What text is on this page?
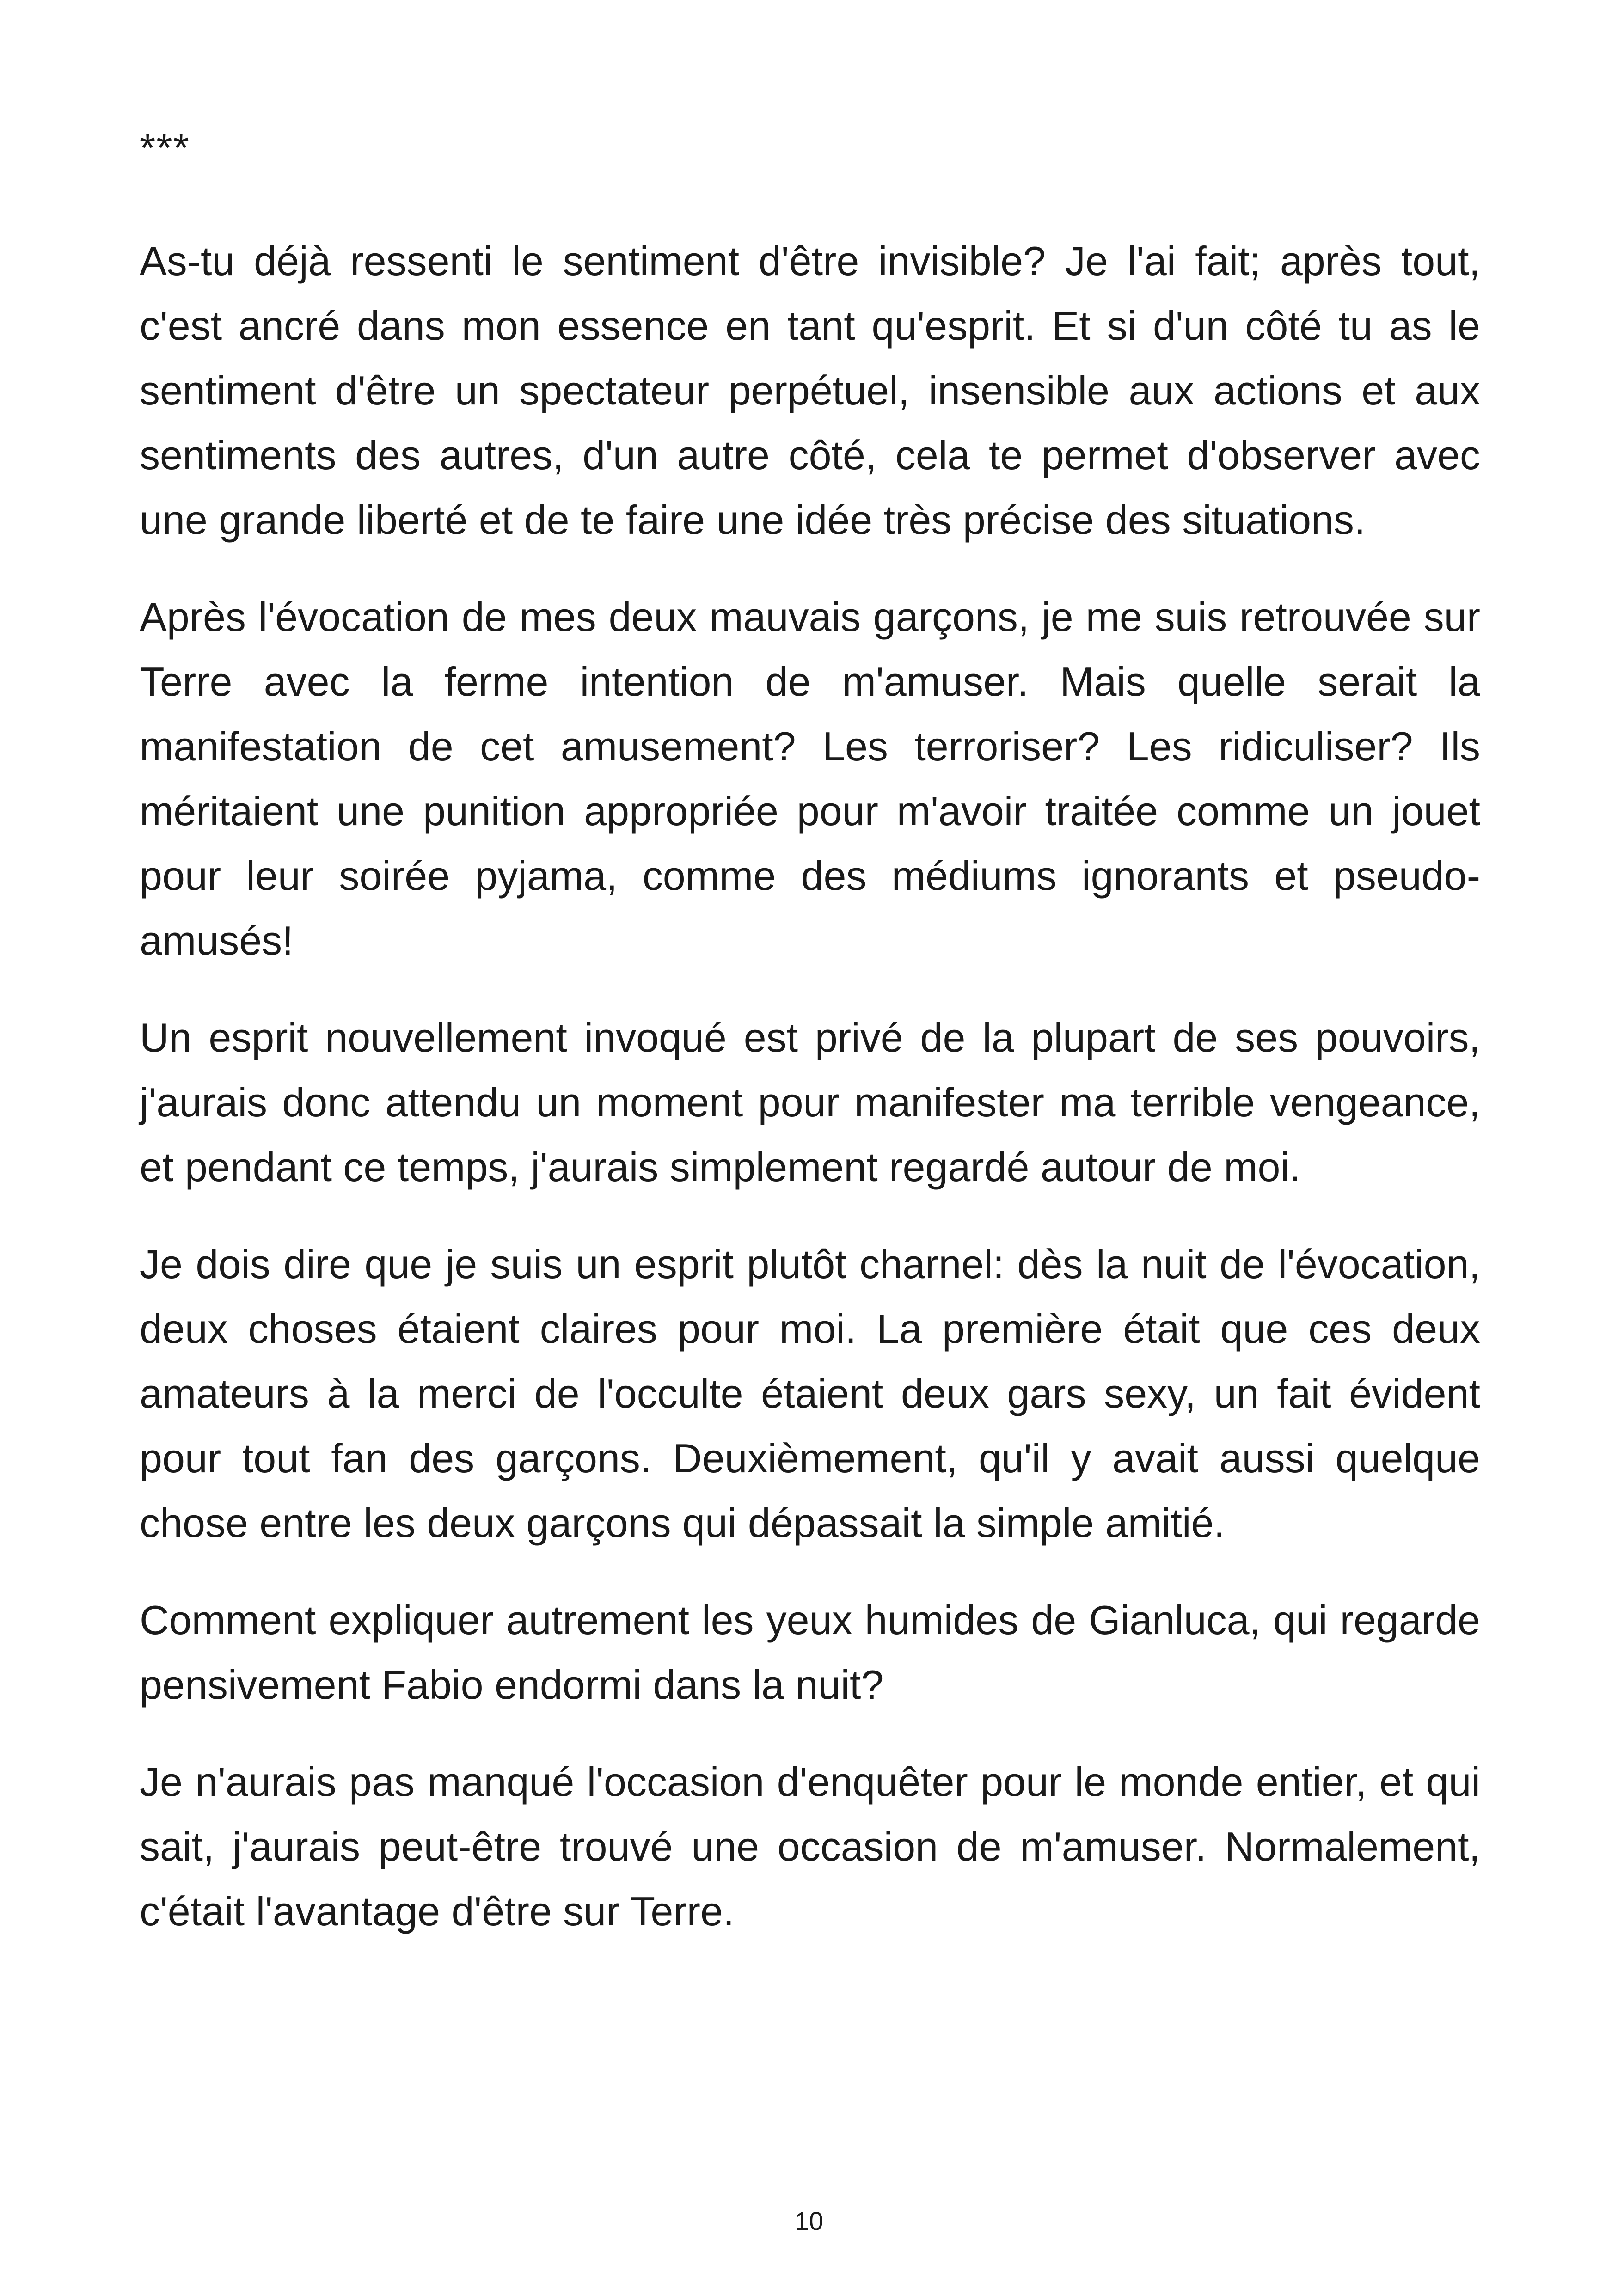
***

As-tu déjà ressenti le sentiment d'être invisible? Je l'ai fait; après tout, c'est ancré dans mon essence en tant qu'esprit. Et si d'un côté tu as le sentiment d'être un spectateur perpétuel, insensible aux actions et aux sentiments des autres, d'un autre côté, cela te permet d'observer avec une grande liberté et de te faire une idée très précise des situations.

Après l'évocation de mes deux mauvais garçons, je me suis retrouvée sur Terre avec la ferme intention de m'amuser. Mais quelle serait la manifestation de cet amusement? Les terroriser? Les ridiculiser? Ils méritaient une punition appropriée pour m'avoir traitée comme un jouet pour leur soirée pyjama, comme des médiums ignorants et pseudo-amusés!

Un esprit nouvellement invoqué est privé de la plupart de ses pouvoirs, j'aurais donc attendu un moment pour manifester ma terrible vengeance, et pendant ce temps, j'aurais simplement regardé autour de moi.

Je dois dire que je suis un esprit plutôt charnel: dès la nuit de l'évocation, deux choses étaient claires pour moi. La première était que ces deux amateurs à la merci de l'occulte étaient deux gars sexy, un fait évident pour tout fan des garçons. Deuxièmement, qu'il y avait aussi quelque chose entre les deux garçons qui dépassait la simple amitié.

Comment expliquer autrement les yeux humides de Gianluca, qui regarde pensivement Fabio endormi dans la nuit?

Je n'aurais pas manqué l'occasion d'enquêter pour le monde entier, et qui sait, j'aurais peut-être trouvé une occasion de m'amuser. Normalement, c'était l'avantage d'être sur Terre.

10
